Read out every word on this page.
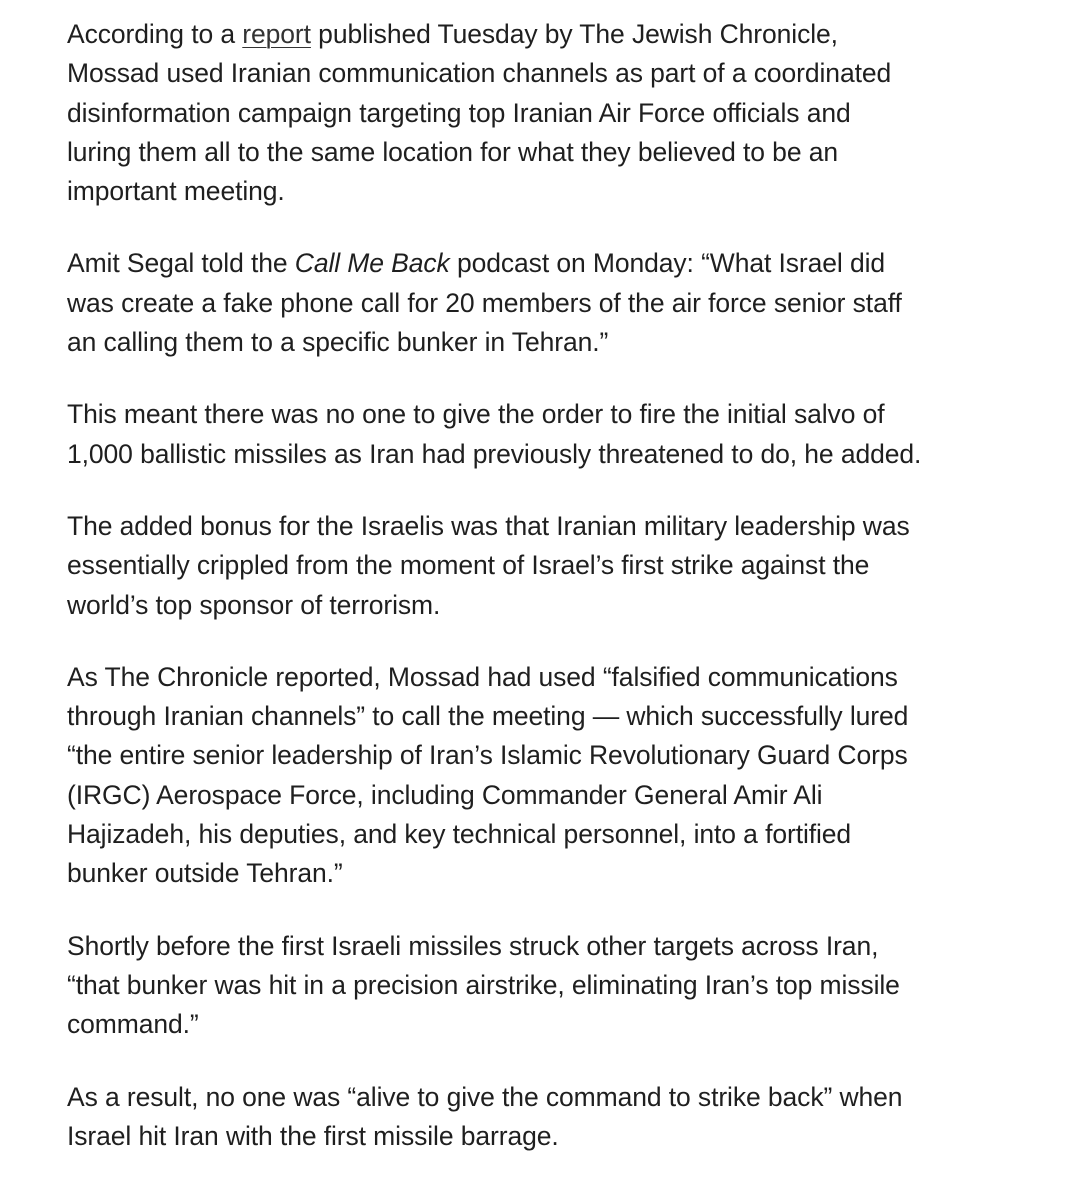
According to a report published Tuesday by The Jewish Chronicle,
Mossad used Iranian communication channels as part of a coordinated
disinformation campaign targeting top Iranian Air Force officials and
luring them all to the same location for what they believed to be an
important meeting.

Amit Segal told the Call Me Back podcast on Monday: “What Israel did
was create a fake phone call for 20 members of the air force senior staff
an calling them to a specific bunker in Tehran.”

This meant there was no one to give the order to fire the initial salvo of
1,000 ballistic missiles as Iran had previously threatened to do, he added.

The added bonus for the Israelis was that Iranian military leadership was
essentially crippled from the moment of Israel’s first strike against the
world’s top sponsor of terrorism.

As The Chronicle reported, Mossad had used “falsified communications
through Iranian channels” to call the meeting — which successfully lured
“the entire senior leadership of Iran’s Islamic Revolutionary Guard Corps
(IRGC) Aerospace Force, including Commander General Amir Ali
Hajizadeh, his deputies, and key technical personnel, into a fortified
bunker outside Tehran.”

Shortly before the first Israeli missiles struck other targets across Iran,
“that bunker was hit in a precision airstrike, eliminating Iran’s top missile
command.”

As a result, no one was “alive to give the command to strike back” when
Israel hit Iran with the first missile barrage.
